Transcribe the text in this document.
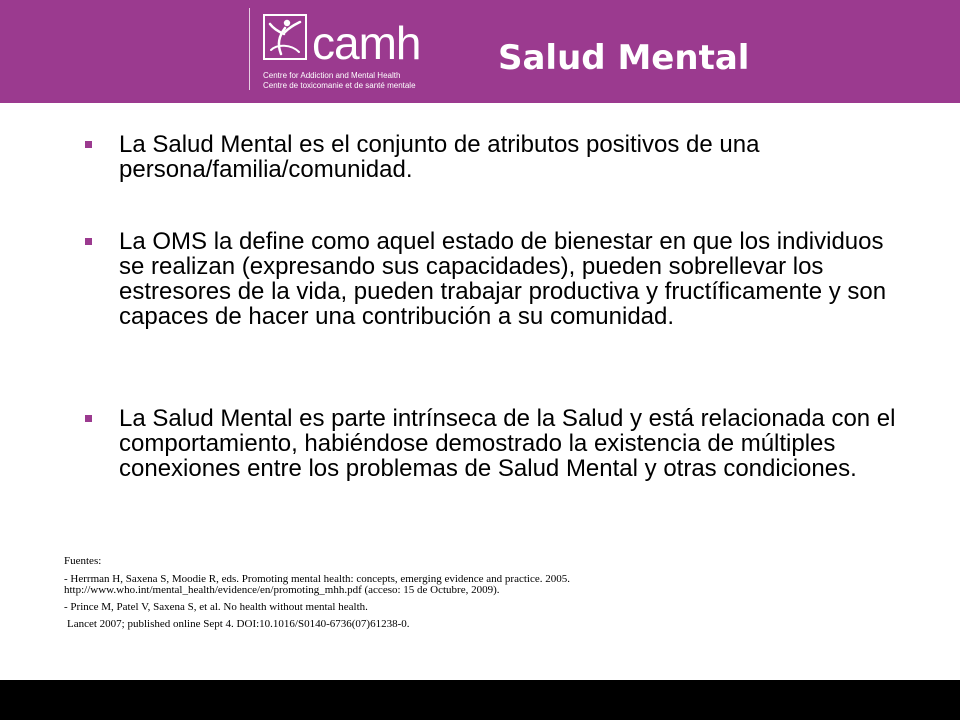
camh
Centre for Addiction and Mental Health
Centre de toxicomanie et de santé mentale
Salud Mental
La Salud Mental es el conjunto de atributos positivos de una persona/familia/comunidad.
La OMS la define como aquel estado de bienestar en que los individuos se realizan (expresando sus capacidades), pueden sobrellevar los estresores de la vida, pueden trabajar productiva y fructíficamente y son capaces de hacer una contribución a su comunidad.
La Salud Mental es parte intrínseca de la Salud y está relacionada con el comportamiento, habiéndose demostrado la existencia de múltiples conexiones entre los problemas de Salud Mental y otras condiciones.
Fuentes:
- Herrman H, Saxena S, Moodie R, eds. Promoting mental health: concepts, emerging evidence and practice. 2005.
http://www.who.int/mental_health/evidence/en/promoting_mhh.pdf (acceso: 15 de Octubre, 2009).
- Prince M, Patel V, Saxena S, et al. No health without mental health.
Lancet 2007; published online Sept 4. DOI:10.1016/S0140-6736(07)61238-0.
